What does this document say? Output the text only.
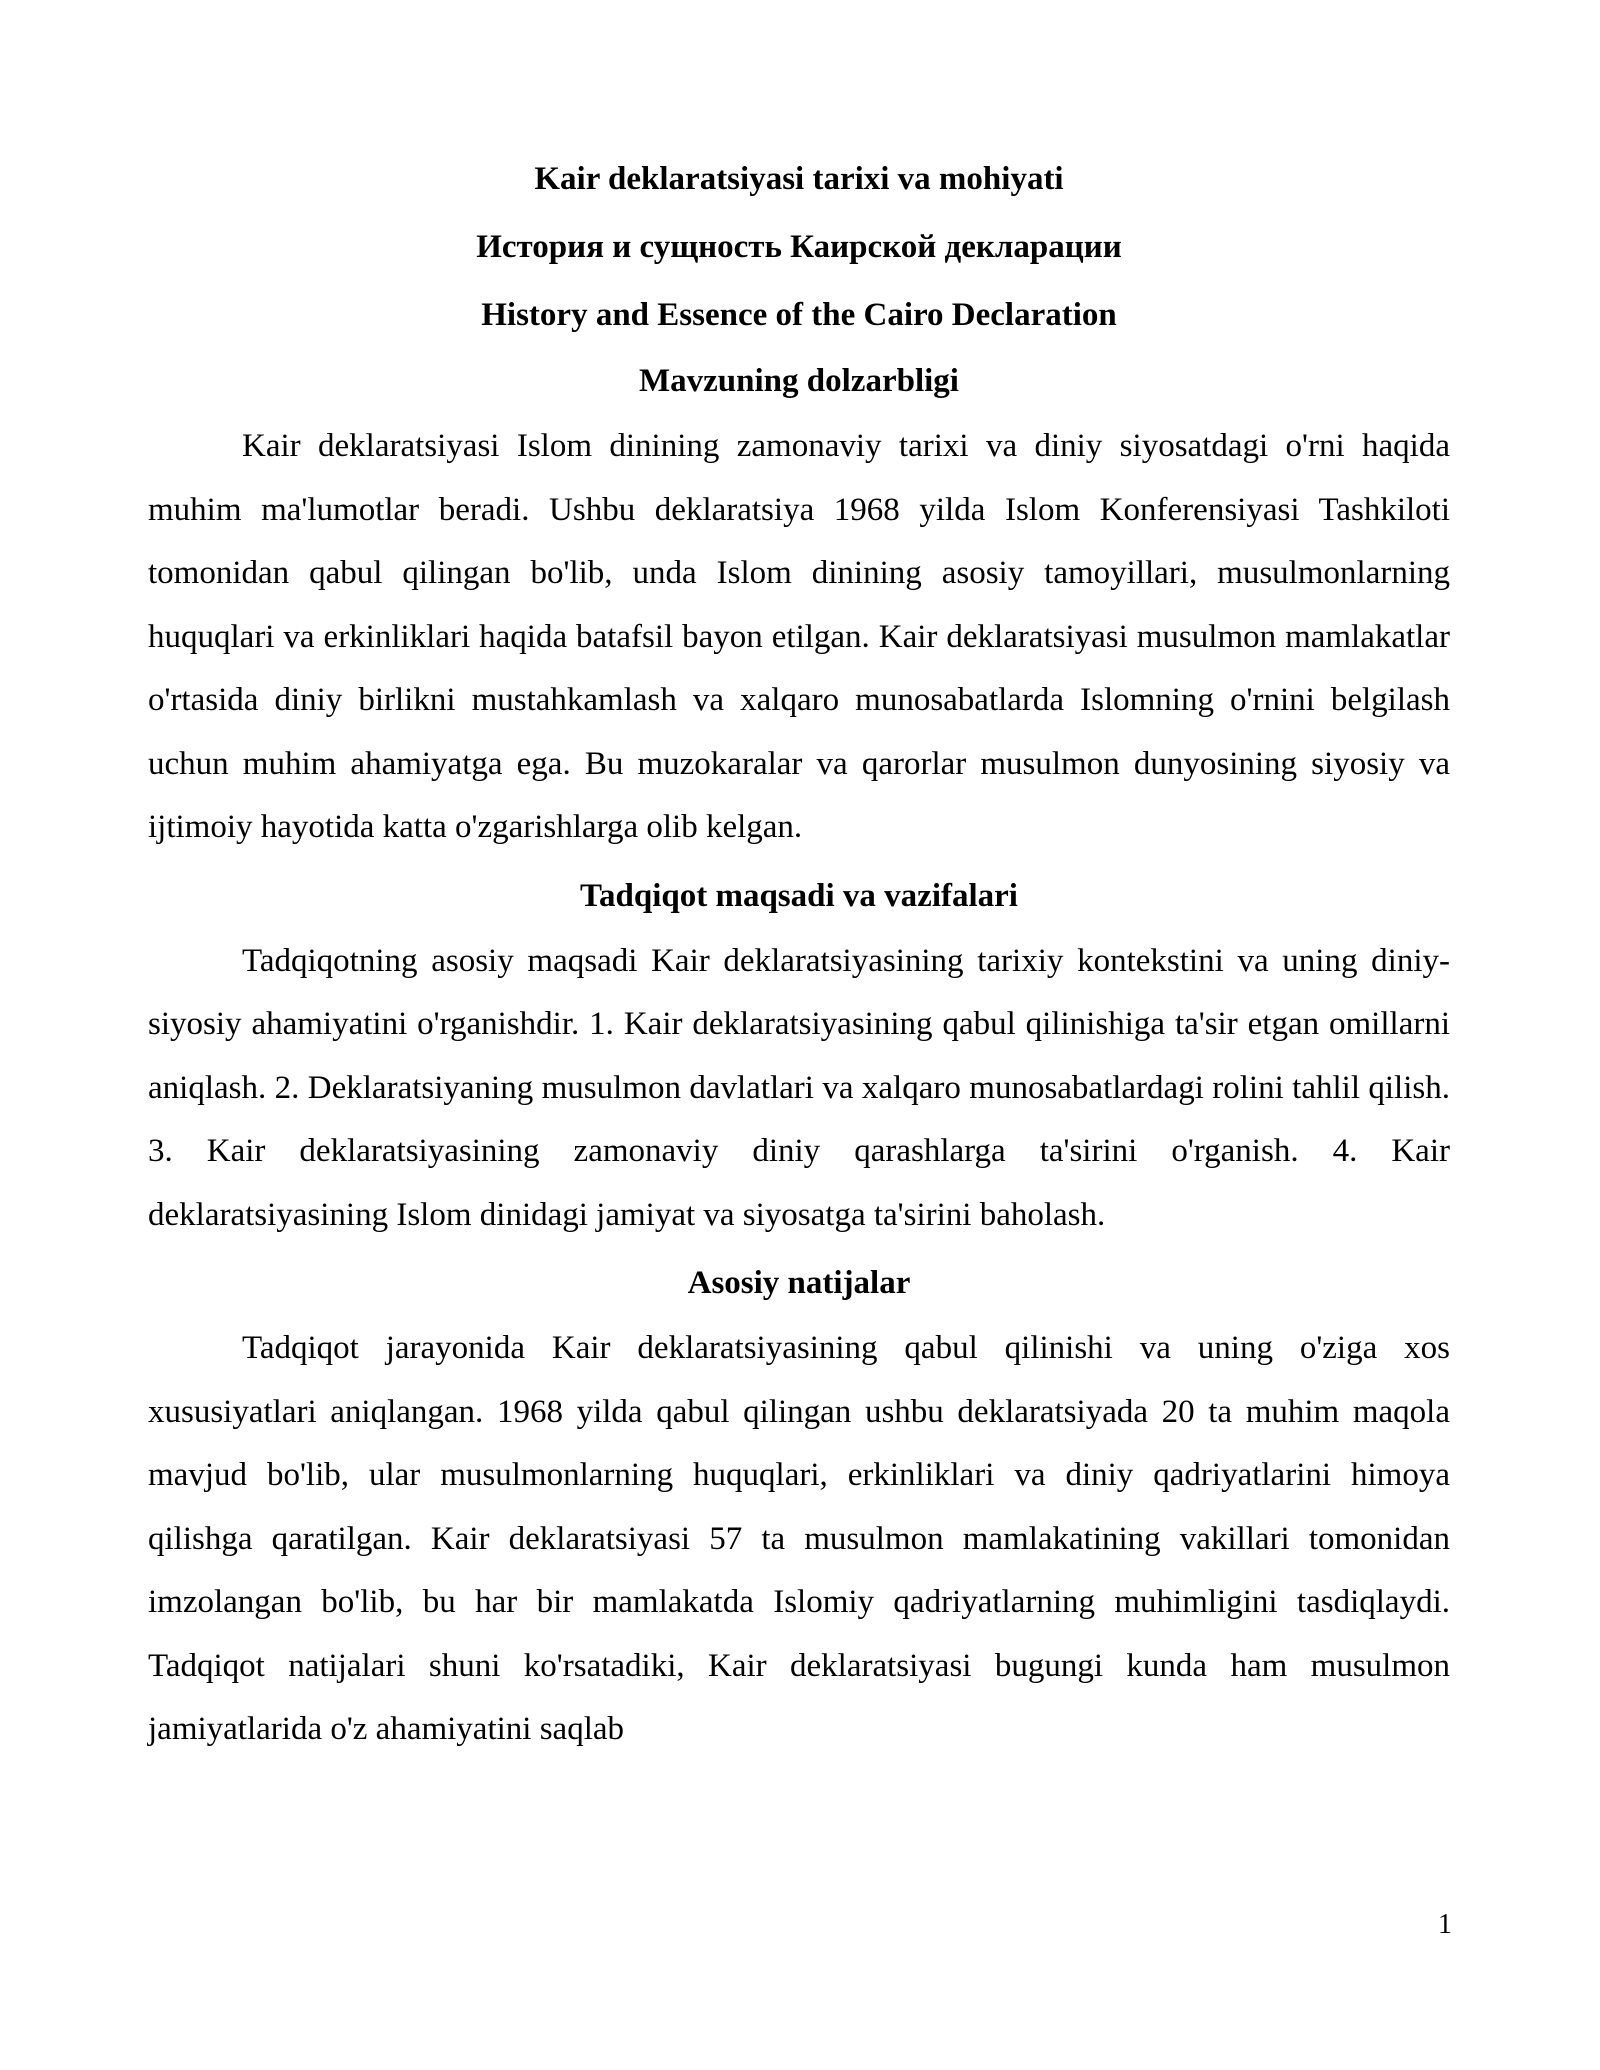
Kair deklaratsiyasi tarixi va mohiyati
История и сущность Каирской декларации
History and Essence of the Cairo Declaration
Mavzuning dolzarbligi

Kair deklaratsiyasi Islom dinining zamonaviy tarixi va diniy siyosatdagi o'rni haqida muhim ma'lumotlar beradi. Ushbu deklaratsiya 1968 yilda Islom Konferensiyasi Tashkiloti tomonidan qabul qilingan bo'lib, unda Islom dinining asosiy tamoyillari, musulmonlarning huquqlari va erkinliklari haqida batafsil bayon etilgan. Kair deklaratsiyasi musulmon mamlakatlar o'rtasida diniy birlikni mustahkamlash va xalqaro munosabatlarda Islomning o'rnini belgilash uchun muhim ahamiyatga ega. Bu muzokaralar va qarorlar musulmon dunyosining siyosiy va ijtimoiy hayotida katta o'zgarishlarga olib kelgan.

Tadqiqot maqsadi va vazifalari

Tadqiqotning asosiy maqsadi Kair deklaratsiyasining tarixiy kontekstini va uning diniy-siyosiy ahamiyatini o'rganishdir. 1. Kair deklaratsiyasining qabul qilinishiga ta'sir etgan omillarni aniqlash. 2. Deklaratsiyaning musulmon davlatlari va xalqaro munosabatlardagi rolini tahlil qilish. 3. Kair deklaratsiyasining zamonaviy diniy qarashlarga ta'sirini o'rganish. 4. Kair deklaratsiyasining Islom dinidagi jamiyat va siyosatga ta'sirini baholash.

Asosiy natijalar

Tadqiqot jarayonida Kair deklaratsiyasining qabul qilinishi va uning o'ziga xos xususiyatlari aniqlangan. 1968 yilda qabul qilingan ushbu deklaratsiyada 20 ta muhim maqola mavjud bo'lib, ular musulmonlarning huquqlari, erkinliklari va diniy qadriyatlarini himoya qilishga qaratilgan. Kair deklaratsiyasi 57 ta musulmon mamlakatining vakillari tomonidan imzolangan bo'lib, bu har bir mamlakatda Islomiy qadriyatlarning muhimligini tasdiqlaydi. Tadqiqot natijalari shuni ko'rsatadiki, Kair deklaratsiyasi bugungi kunda ham musulmon jamiyatlarida o'z ahamiyatini saqlab

1
